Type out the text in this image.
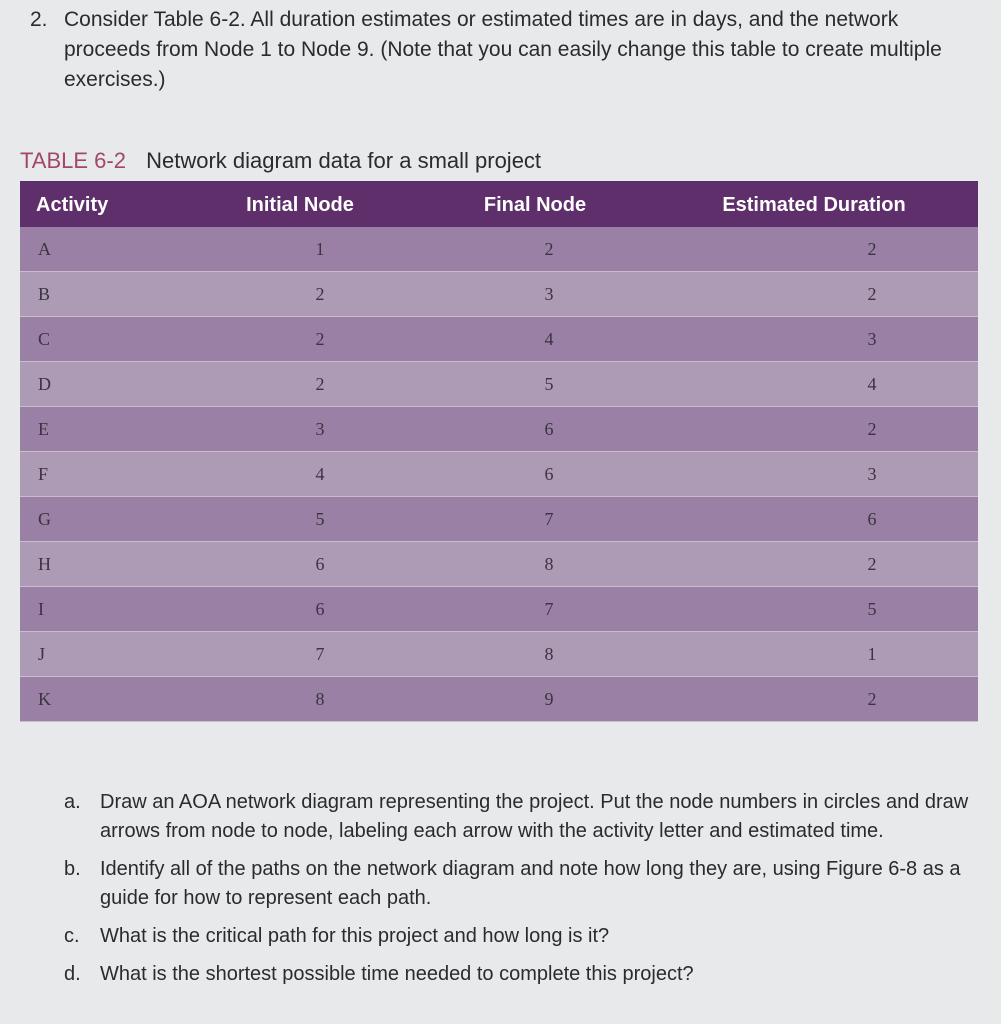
2. Consider Table 6-2. All duration estimates or estimated times are in days, and the network proceeds from Node 1 to Node 9. (Note that you can easily change this table to create multiple exercises.)
TABLE 6-2 Network diagram data for a small project
Activity	Initial Node	Final Node	Estimated Duration
A	1	2	2
B	2	3	2
C	2	4	3
D	2	5	4
E	3	6	2
F	4	6	3
G	5	7	6
H	6	8	2
I	6	7	5
J	7	8	1
K	8	9	2
a. Draw an AOA network diagram representing the project. Put the node numbers in circles and draw arrows from node to node, labeling each arrow with the activity letter and estimated time.
b. Identify all of the paths on the network diagram and note how long they are, using Figure 6-8 as a guide for how to represent each path.
c.	What is the critical path for this project and how long is it?
d. What is the shortest possible time needed to complete this project?
